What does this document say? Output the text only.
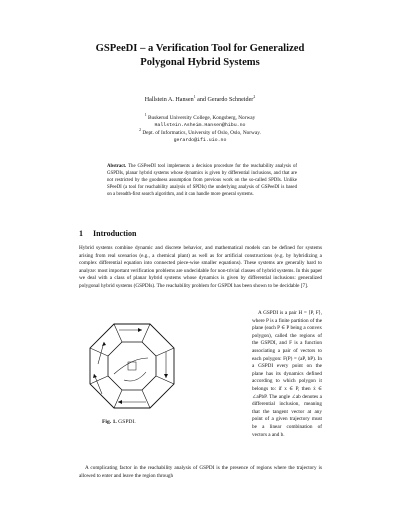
GSPeeDI – a Verification Tool for Generalized
Polygonal Hybrid Systems
Hallstein A. Hansen$^1$ and Gerardo Schneider$^2$
$^1$ Buskerud University College, Kongsberg, Norway
Hallstein.Asheim.Hansen@hibu.no
$^2$ Dept. of Informatics, University of Oslo, Oslo, Norway.
gerardo@ifi.uio.no
Abstract. The GSPeeDI tool implements a decision procedure for the reachability analysis of GSPDIs, planar hybrid systems whose dynamics is given by differential inclusions, and that are not restricted by the goodness assumption from previous work on the so-called SPDIs. Unlike SPeeDI (a tool for reachability analysis of SPDIs) the underlying analysis of GSPeeDI is based on a breadth-first search algorithm, and it can handle more general systems.
1 Introduction
Hybrid systems combine dynamic and discrete behavior, and mathematical models can be defined for systems arising from real scenarios (e.g., a chemical plant) as well as for artificial constructions (e.g. by hybridizing a complex differential equation into connected piece-wise smaller equations). These systems are generally hard to analyze: most important verification problems are undecidable for non-trivial classes of hybrid systems. In this paper we deal with a class of planar hybrid systems whose dynamics is given by differential inclusions: generalized polygonal hybrid systems (GSPDIs). The reachability problem for GSPDI has been shown to be decidable [7].
Fig. 1. GSPDI.
A GSPDI is a pair H = ⟨P, F⟩, where P is a finite partition of the plane (each P ∈ P being a convex polygon), called the regions of the GSPDI, and F is a function associating a pair of vectors to each polygon: F(P) = (aP, bP). In a GSPDI every point on the plane has its dynamics defined according to which polygon it belongs to: if x ∈ P, then ẋ ∈ ∠aPbP. The angle ∠ab denotes a differential inclusion, meaning that the tangent vector at any point of a given trajectory must be a linear combination of vectors a and b.
A complicating factor in the reachability analysis of GSPDI is the presence of regions where the trajectory is allowed to enter and leave the region through
